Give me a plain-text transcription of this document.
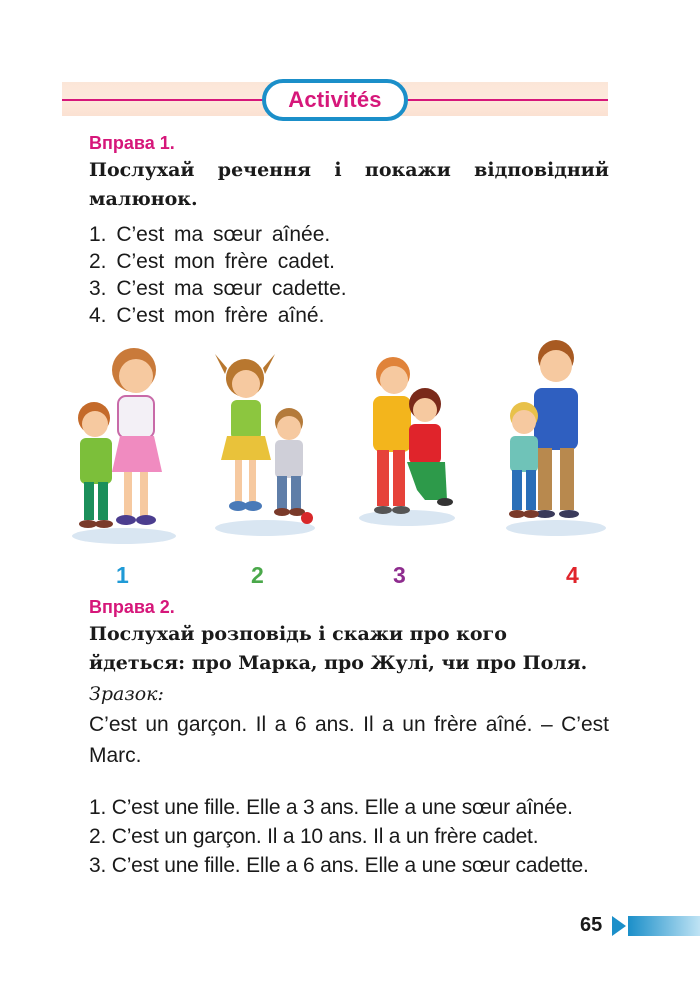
Activités
Вправа 1.
Послухай речення і покажи відповідний малюнок.
1. C’est ma sœur aînée.
2. C’est mon frère cadet.
3. C’est ma sœur cadette.
4. C’est mon frère aîné.
1	2	3	4
Вправа 2.
Послухай розповідь і скажи про кого йдеться: про Марка, про Жулі, чи про Поля.
Зразок:

C’est un garçon. Il a 6 ans. Il a un frère aîné. – C’est Marc.

1. C’est une fille. Elle a 3 ans. Elle a une sœur aînée.
2. C’est un garçon. Il a 10 ans. Il a un frère cadet.
3. C’est une fille. Elle a 6 ans. Elle a une sœur cadette.
65
